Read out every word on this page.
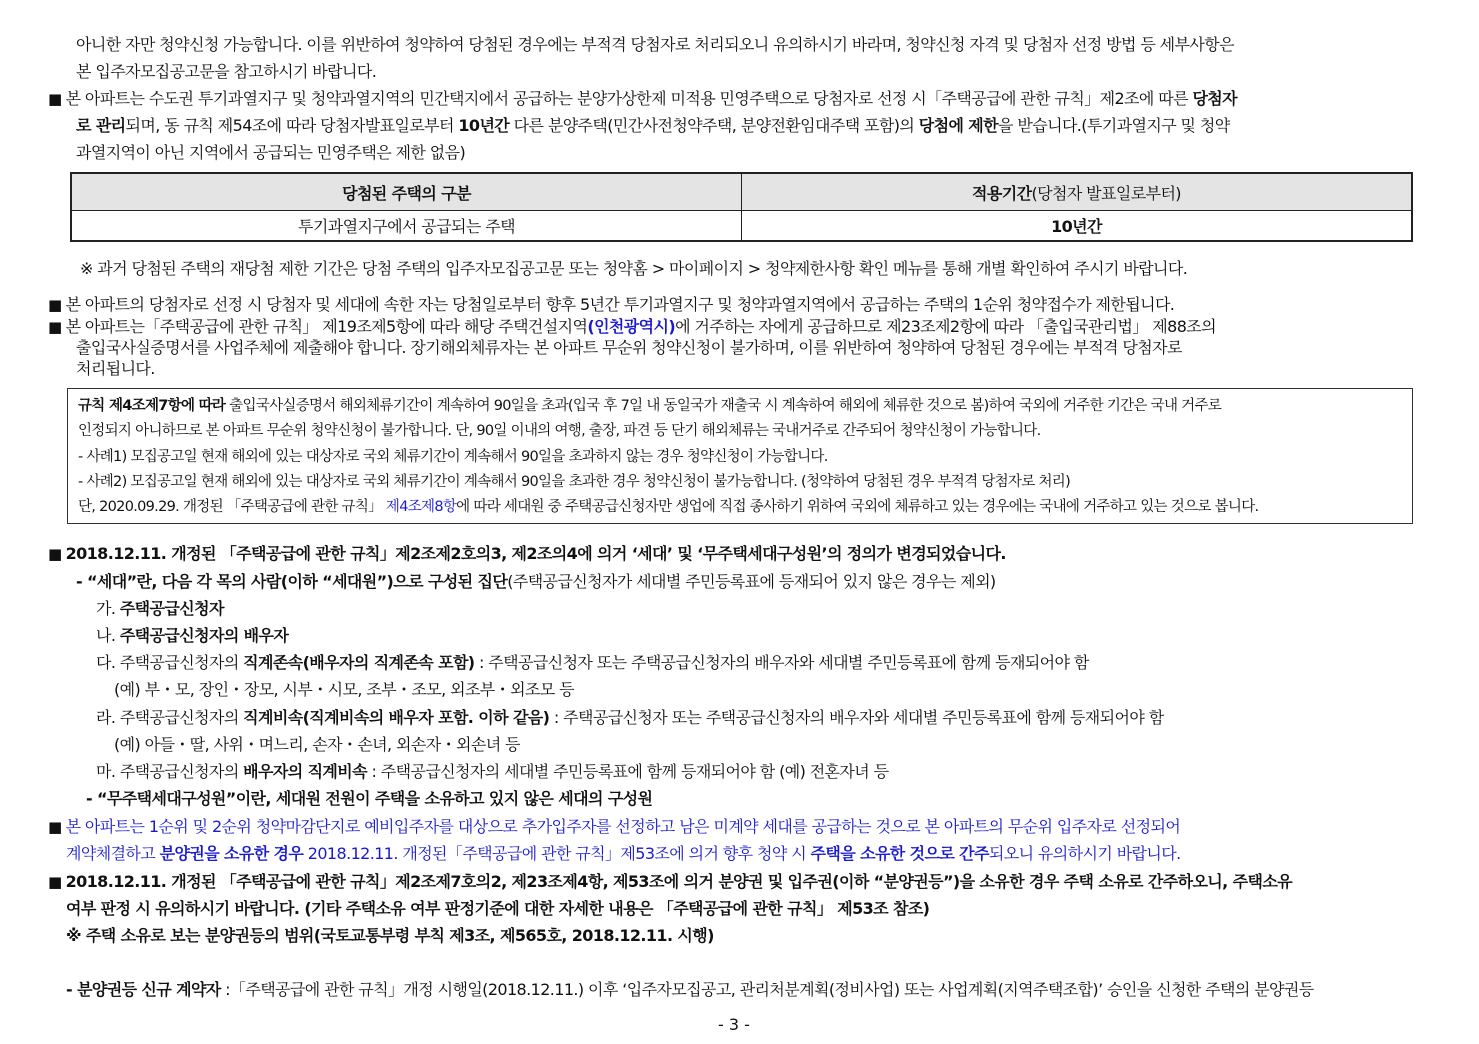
아니한 자만 청약신청 가능합니다. 이를 위반하여 청약하여 당첨된 경우에는 부적격 당첨자로 처리되오니 유의하시기 바라며, 청약신청 자격 및 당첨자 선정 방법 등 세부사항은
본 입주자모집공고문을 참고하시기 바랍니다.
■ 본 아파트는 수도권 투기과열지구 및 청약과열지역의 민간택지에서 공급하는 분양가상한제 미적용 민영주택으로 당첨자로 선정 시「주택공급에 관한 규칙」제2조에 따른 당첨자
로 관리되며, 동 규칙 제54조에 따라 당첨자발표일로부터 10년간 다른 분양주택(민간사전청약주택, 분양전환임대주택 포함)의 당첨에 제한을 받습니다.(투기과열지구 및 청약
과열지역이 아닌 지역에서 공급되는 민영주택은 제한 없음)
당첨된 주택의 구분	적용기간(당첨자 발표일로부터)
투기과열지구에서 공급되는 주택	10년간
※ 과거 당첨된 주택의 재당첨 제한 기간은 당첨 주택의 입주자모집공고문 또는 청약홈 > 마이페이지 > 청약제한사항 확인 메뉴를 통해 개별 확인하여 주시기 바랍니다.
■ 본 아파트의 당첨자로 선정 시 당첨자 및 세대에 속한 자는 당첨일로부터 향후 5년간 투기과열지구 및 청약과열지역에서 공급하는 주택의 1순위 청약접수가 제한됩니다.
■ 본 아파트는「주택공급에 관한 규칙」 제19조제5항에 따라 해당 주택건설지역(인천광역시)에 거주하는 자에게 공급하므로 제23조제2항에 따라 「출입국관리법」 제88조의
출입국사실증명서를 사업주체에 제출해야 합니다. 장기해외체류자는 본 아파트 무순위 청약신청이 불가하며, 이를 위반하여 청약하여 당첨된 경우에는 부적격 당첨자로
처리됩니다.
규칙 제4조제7항에 따라 출입국사실증명서 해외체류기간이 계속하여 90일을 초과(입국 후 7일 내 동일국가 재출국 시 계속하여 해외에 체류한 것으로 봄)하여 국외에 거주한 기간은 국내 거주로
인정되지 아니하므로 본 아파트 무순위 청약신청이 불가합니다. 단, 90일 이내의 여행, 출장, 파견 등 단기 해외체류는 국내거주로 간주되어 청약신청이 가능합니다.
- 사례1) 모집공고일 현재 해외에 있는 대상자로 국외 체류기간이 계속해서 90일을 초과하지 않는 경우 청약신청이 가능합니다.
- 사례2) 모집공고일 현재 해외에 있는 대상자로 국외 체류기간이 계속해서 90일을 초과한 경우 청약신청이 불가능합니다. (청약하여 당첨된 경우 부적격 당첨자로 처리)
단, 2020.09.29. 개정된 「주택공급에 관한 규칙」 제4조제8항에 따라 세대원 중 주택공급신청자만 생업에 직접 종사하기 위하여 국외에 체류하고 있는 경우에는 국내에 거주하고 있는 것으로 봅니다.
■ 2018.12.11. 개정된 「주택공급에 관한 규칙」제2조제2호의3, 제2조의4에 의거 ‘세대’ 및 ‘무주택세대구성원’의 정의가 변경되었습니다.
- “세대”란, 다음 각 목의 사람(이하 “세대원”)으로 구성된 집단(주택공급신청자가 세대별 주민등록표에 등재되어 있지 않은 경우는 제외)
가. 주택공급신청자
나. 주택공급신청자의 배우자
다. 주택공급신청자의 직계존속(배우자의 직계존속 포함) : 주택공급신청자 또는 주택공급신청자의 배우자와 세대별 주민등록표에 함께 등재되어야 함
(예) 부・모, 장인・장모, 시부・시모, 조부・조모, 외조부・외조모 등
라. 주택공급신청자의 직계비속(직계비속의 배우자 포함. 이하 같음) : 주택공급신청자 또는 주택공급신청자의 배우자와 세대별 주민등록표에 함께 등재되어야 함
(예) 아들・딸, 사위・며느리, 손자・손녀, 외손자・외손녀 등
마. 주택공급신청자의 배우자의 직계비속 : 주택공급신청자의 세대별 주민등록표에 함께 등재되어야 함 (예) 전혼자녀 등
- “무주택세대구성원”이란, 세대원 전원이 주택을 소유하고 있지 않은 세대의 구성원
■ 본 아파트는 1순위 및 2순위 청약마감단지로 예비입주자를 대상으로 추가입주자를 선정하고 남은 미계약 세대를 공급하는 것으로 본 아파트의 무순위 입주자로 선정되어
계약체결하고 분양권을 소유한 경우 2018.12.11. 개정된「주택공급에 관한 규칙」제53조에 의거 향후 청약 시 주택을 소유한 것으로 간주되오니 유의하시기 바랍니다.
■ 2018.12.11. 개정된 「주택공급에 관한 규칙」제2조제7호의2, 제23조제4항, 제53조에 의거 분양권 및 입주권(이하 “분양권등”)을 소유한 경우 주택 소유로 간주하오니, 주택소유
여부 판정 시 유의하시기 바랍니다. (기타 주택소유 여부 판정기준에 대한 자세한 내용은 「주택공급에 관한 규칙」 제53조 참조)
※ 주택 소유로 보는 분양권등의 범위(국토교통부령 부칙 제3조, 제565호, 2018.12.11. 시행)
- 분양권등 신규 계약자 :「주택공급에 관한 규칙」개정 시행일(2018.12.11.) 이후 ‘입주자모집공고, 관리처분계획(정비사업) 또는 사업계획(지역주택조합)’ 승인을 신청한 주택의 분양권등
- 3 -
